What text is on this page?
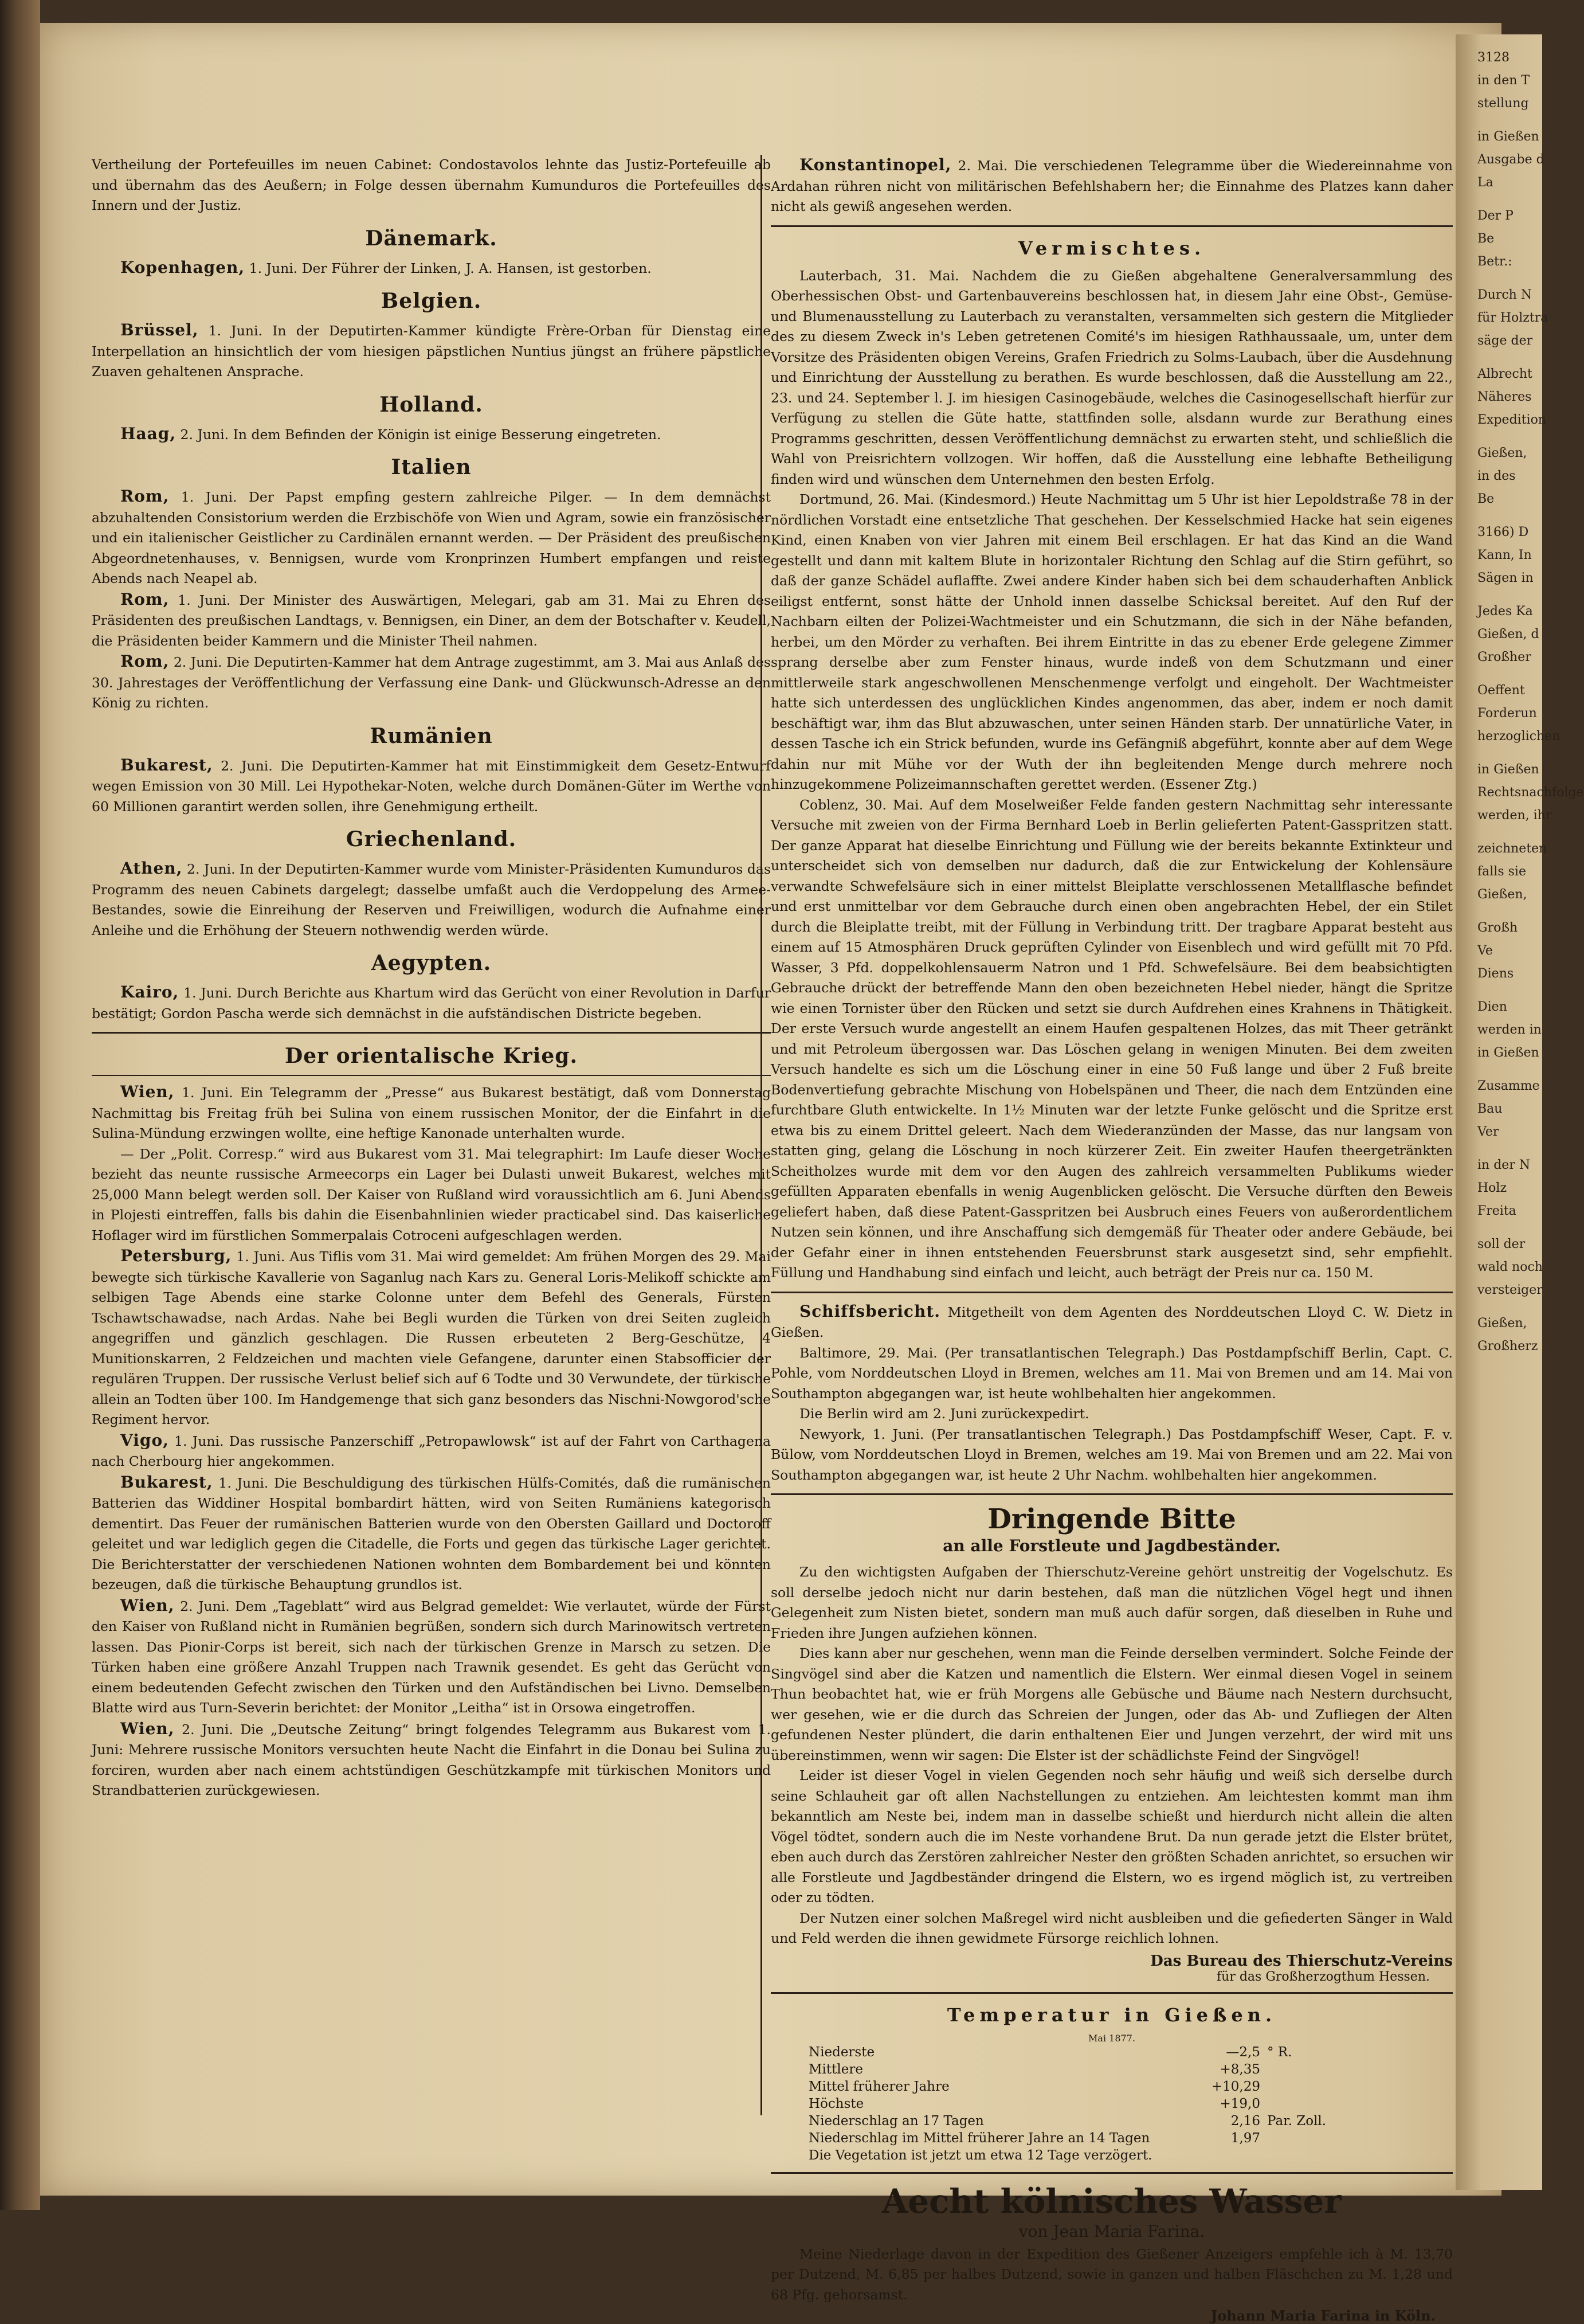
3128
in den T
stellung
in Gießen
Ausgabe d
La
Der P
Be
Betr.:
Durch N
für Holztra
säge der
Albrecht
Näheres
Expedition
Gießen,
in des
Be
3166) D
Kann, In
Sägen in
Jedes Ka
Gießen, d
Großher
Oeffent
Forderun
herzoglichen
in Gießen
Rechtsnachfolge
werden, ihr
zeichneten
falls sie
Gießen,
Großh
Ve
Diens
Dien
werden in
in Gießen
Zusamme
Bau
Ver
in der N
Holz
Freita
soll der
wald noch
versteiger
Gießen,
Großherz

Vertheilung der Portefeuilles im neuen Cabinet: Condostavolos lehnte das Justiz-Portefeuille ab und übernahm das des Aeußern; in Folge dessen übernahm Kumunduros die Portefeuilles des Innern und der Justiz.

Dänemark.

Kopenhagen, 1. Juni. Der Führer der Linken, J. A. Hansen, ist gestorben.

Belgien.

Brüssel, 1. Juni. In der Deputirten-Kammer kündigte Frère-Orban für Dienstag eine Interpellation an hinsichtlich der vom hiesigen päpstlichen Nuntius jüngst an frühere päpstliche Zuaven gehaltenen Ansprache.

Holland.

Haag, 2. Juni. In dem Befinden der Königin ist einige Besserung eingetreten.

Italien

Rom, 1. Juni. Der Papst empfing gestern zahlreiche Pilger. — In dem demnächst abzuhaltenden Consistorium werden die Erzbischöfe von Wien und Agram, sowie ein französischer und ein italienischer Geistlicher zu Cardinälen ernannt werden. — Der Präsident des preußischen Abgeordnetenhauses, v. Bennigsen, wurde vom Kronprinzen Humbert empfangen und reiste Abends nach Neapel ab.

Rom, 1. Juni. Der Minister des Auswärtigen, Melegari, gab am 31. Mai zu Ehren des Präsidenten des preußischen Landtags, v. Bennigsen, ein Diner, an dem der Botschafter v. Keudell, die Präsidenten beider Kammern und die Minister Theil nahmen.

Rom, 2. Juni. Die Deputirten-Kammer hat dem Antrage zugestimmt, am 3. Mai aus Anlaß des 30. Jahrestages der Veröffentlichung der Verfassung eine Dank- und Glückwunsch-Adresse an den König zu richten.

Rumänien

Bukarest, 2. Juni. Die Deputirten-Kammer hat mit Einstimmigkeit dem Gesetz-Entwurf wegen Emission von 30 Mill. Lei Hypothekar-Noten, welche durch Domänen-Güter im Werthe von 60 Millionen garantirt werden sollen, ihre Genehmigung ertheilt.

Griechenland.

Athen, 2. Juni. In der Deputirten-Kammer wurde vom Minister-Präsidenten Kumunduros das Programm des neuen Cabinets dargelegt; dasselbe umfaßt auch die Verdoppelung des Armee-Bestandes, sowie die Einreihung der Reserven und Freiwilligen, wodurch die Aufnahme einer Anleihe und die Erhöhung der Steuern nothwendig werden würde.

Aegypten.

Kairo, 1. Juni. Durch Berichte aus Khartum wird das Gerücht von einer Revolution in Darfur bestätigt; Gordon Pascha werde sich demnächst in die aufständischen Districte begeben.

Der orientalische Krieg.

Wien, 1. Juni. Ein Telegramm der „Presse“ aus Bukarest bestätigt, daß vom Donnerstag Nachmittag bis Freitag früh bei Sulina von einem russischen Monitor, der die Einfahrt in die Sulina-Mündung erzwingen wollte, eine heftige Kanonade unterhalten wurde.

— Der „Polit. Corresp.“ wird aus Bukarest vom 31. Mai telegraphirt: Im Laufe dieser Woche bezieht das neunte russische Armeecorps ein Lager bei Dulasti unweit Bukarest, welches mit 25,000 Mann belegt werden soll. Der Kaiser von Rußland wird voraussichtlich am 6. Juni Abends in Plojesti eintreffen, falls bis dahin die Eisenbahnlinien wieder practicabel sind. Das kaiserliche Hoflager wird im fürstlichen Sommerpalais Cotroceni aufgeschlagen werden.

Petersburg, 1. Juni. Aus Tiflis vom 31. Mai wird gemeldet: Am frühen Morgen des 29. Mai bewegte sich türkische Kavallerie von Saganlug nach Kars zu. General Loris-Melikoff schickte am selbigen Tage Abends eine starke Colonne unter dem Befehl des Generals, Fürsten Tschawtschawadse, nach Ardas. Nahe bei Begli wurden die Türken von drei Seiten zugleich angegriffen und gänzlich geschlagen. Die Russen erbeuteten 2 Berg-Geschütze, 4 Munitionskarren, 2 Feldzeichen und machten viele Gefangene, darunter einen Stabsofficier der regulären Truppen. Der russische Verlust belief sich auf 6 Todte und 30 Verwundete, der türkische allein an Todten über 100. Im Handgemenge that sich ganz besonders das Nischni-Nowgorod'sche Regiment hervor.

Vigo, 1. Juni. Das russische Panzerschiff „Petropawlowsk“ ist auf der Fahrt von Carthagena nach Cherbourg hier angekommen.

Bukarest, 1. Juni. Die Beschuldigung des türkischen Hülfs-Comités, daß die rumänischen Batterien das Widdiner Hospital bombardirt hätten, wird von Seiten Rumäniens kategorisch dementirt. Das Feuer der rumänischen Batterien wurde von den Obersten Gaillard und Doctoroff geleitet und war lediglich gegen die Citadelle, die Forts und gegen das türkische Lager gerichtet. Die Berichterstatter der verschiedenen Nationen wohnten dem Bombardement bei und könnten bezeugen, daß die türkische Behauptung grundlos ist.

Wien, 2. Juni. Dem „Tageblatt“ wird aus Belgrad gemeldet: Wie verlautet, würde der Fürst den Kaiser von Rußland nicht in Rumänien begrüßen, sondern sich durch Marinowitsch vertreten lassen. Das Pionir-Corps ist bereit, sich nach der türkischen Grenze in Marsch zu setzen. Die Türken haben eine größere Anzahl Truppen nach Trawnik gesendet. Es geht das Gerücht von einem bedeutenden Gefecht zwischen den Türken und den Aufständischen bei Livno. Demselben Blatte wird aus Turn-Severin berichtet: der Monitor „Leitha“ ist in Orsowa eingetroffen.

Wien, 2. Juni. Die „Deutsche Zeitung“ bringt folgendes Telegramm aus Bukarest vom 1. Juni: Mehrere russische Monitors versuchten heute Nacht die Einfahrt in die Donau bei Sulina zu forciren, wurden aber nach einem achtstündigen Geschützkampfe mit türkischen Monitors und Strandbatterien zurückgewiesen.

Konstantinopel, 2. Mai. Die verschiedenen Telegramme über die Wiedereinnahme von Ardahan rühren nicht von militärischen Befehlshabern her; die Einnahme des Platzes kann daher nicht als gewiß angesehen werden.

Vermischtes.

Lauterbach, 31. Mai. Nachdem die zu Gießen abgehaltene Generalversammlung des Oberhessischen Obst- und Gartenbauvereins beschlossen hat, in diesem Jahr eine Obst-, Gemüse- und Blumenausstellung zu Lauterbach zu veranstalten, versammelten sich gestern die Mitglieder des zu diesem Zweck in's Leben getretenen Comité's im hiesigen Rathhaussaale, um, unter dem Vorsitze des Präsidenten obigen Vereins, Grafen Friedrich zu Solms-Laubach, über die Ausdehnung und Einrichtung der Ausstellung zu berathen. Es wurde beschlossen, daß die Ausstellung am 22., 23. und 24. September l. J. im hiesigen Casinogebäude, welches die Casinogesellschaft hierfür zur Verfügung zu stellen die Güte hatte, stattfinden solle, alsdann wurde zur Berathung eines Programms geschritten, dessen Veröffentlichung demnächst zu erwarten steht, und schließlich die Wahl von Preisrichtern vollzogen. Wir hoffen, daß die Ausstellung eine lebhafte Betheiligung finden wird und wünschen dem Unternehmen den besten Erfolg.

Dortmund, 26. Mai. (Kindesmord.) Heute Nachmittag um 5 Uhr ist hier Lepoldstraße 78 in der nördlichen Vorstadt eine entsetzliche That geschehen. Der Kesselschmied Hacke hat sein eigenes Kind, einen Knaben von vier Jahren mit einem Beil erschlagen. Er hat das Kind an die Wand gestellt und dann mit kaltem Blute in horizontaler Richtung den Schlag auf die Stirn geführt, so daß der ganze Schädel auflaffte. Zwei andere Kinder haben sich bei dem schauderhaften Anblick eiligst entfernt, sonst hätte der Unhold innen dasselbe Schicksal bereitet. Auf den Ruf der Nachbarn eilten der Polizei-Wachtmeister und ein Schutzmann, die sich in der Nähe befanden, herbei, um den Mörder zu verhaften. Bei ihrem Eintritte in das zu ebener Erde gelegene Zimmer sprang derselbe aber zum Fenster hinaus, wurde indeß von dem Schutzmann und einer mittlerweile stark angeschwollenen Menschenmenge verfolgt und eingeholt. Der Wachtmeister hatte sich unterdessen des unglücklichen Kindes angenommen, das aber, indem er noch damit beschäftigt war, ihm das Blut abzuwaschen, unter seinen Händen starb. Der unnatürliche Vater, in dessen Tasche ich ein Strick befunden, wurde ins Gefängniß abgeführt, konnte aber auf dem Wege dahin nur mit Mühe vor der Wuth der ihn begleitenden Menge durch mehrere noch hinzugekommene Polizeimannschaften gerettet werden. (Essener Ztg.)

Coblenz, 30. Mai. Auf dem Moselweißer Felde fanden gestern Nachmittag sehr interessante Versuche mit zweien von der Firma Bernhard Loeb in Berlin gelieferten Patent-Gasspritzen statt. Der ganze Apparat hat dieselbe Einrichtung und Füllung wie der bereits bekannte Extinkteur und unterscheidet sich von demselben nur dadurch, daß die zur Entwickelung der Kohlensäure verwandte Schwefelsäure sich in einer mittelst Bleiplatte verschlossenen Metallflasche befindet und erst unmittelbar vor dem Gebrauche durch einen oben angebrachten Hebel, der ein Stilet durch die Bleiplatte treibt, mit der Füllung in Verbindung tritt. Der tragbare Apparat besteht aus einem auf 15 Atmosphären Druck geprüften Cylinder von Eisenblech und wird gefüllt mit 70 Pfd. Wasser, 3 Pfd. doppelkohlensauerm Natron und 1 Pfd. Schwefelsäure. Bei dem beabsichtigten Gebrauche drückt der betreffende Mann den oben bezeichneten Hebel nieder, hängt die Spritze wie einen Tornister über den Rücken und setzt sie durch Aufdrehen eines Krahnens in Thätigkeit. Der erste Versuch wurde angestellt an einem Haufen gespaltenen Holzes, das mit Theer getränkt und mit Petroleum übergossen war. Das Löschen gelang in wenigen Minuten. Bei dem zweiten Versuch handelte es sich um die Löschung einer in eine 50 Fuß lange und über 2 Fuß breite Bodenvertiefung gebrachte Mischung von Hobelspänen und Theer, die nach dem Entzünden eine furchtbare Gluth entwickelte. In 1½ Minuten war der letzte Funke gelöscht und die Spritze erst etwa bis zu einem Drittel geleert. Nach dem Wiederanzünden der Masse, das nur langsam von statten ging, gelang die Löschung in noch kürzerer Zeit. Ein zweiter Haufen theergetränkten Scheitholzes wurde mit dem vor den Augen des zahlreich versammelten Publikums wieder gefüllten Apparaten ebenfalls in wenig Augenblicken gelöscht. Die Versuche dürften den Beweis geliefert haben, daß diese Patent-Gasspritzen bei Ausbruch eines Feuers von außerordentlichem Nutzen sein können, und ihre Anschaffung sich demgemäß für Theater oder andere Gebäude, bei der Gefahr einer in ihnen entstehenden Feuersbrunst stark ausgesetzt sind, sehr empfiehlt. Füllung und Handhabung sind einfach und leicht, auch beträgt der Preis nur ca. 150 M.

Schiffsbericht. Mitgetheilt von dem Agenten des Norddeutschen Lloyd C. W. Dietz in Gießen.

Baltimore, 29. Mai. (Per transatlantischen Telegraph.) Das Postdampfschiff Berlin, Capt. C. Pohle, vom Norddeutschen Lloyd in Bremen, welches am 11. Mai von Bremen und am 14. Mai von Southampton abgegangen war, ist heute wohlbehalten hier angekommen.

Die Berlin wird am 2. Juni zurückexpedirt.

Newyork, 1. Juni. (Per transatlantischen Telegraph.) Das Postdampfschiff Weser, Capt. F. v. Bülow, vom Norddeutschen Lloyd in Bremen, welches am 19. Mai von Bremen und am 22. Mai von Southampton abgegangen war, ist heute 2 Uhr Nachm. wohlbehalten hier angekommen.

Dringende Bitte
an alle Forstleute und Jagdbeständer.

Zu den wichtigsten Aufgaben der Thierschutz-Vereine gehört unstreitig der Vogelschutz. Es soll derselbe jedoch nicht nur darin bestehen, daß man die nützlichen Vögel hegt und ihnen Gelegenheit zum Nisten bietet, sondern man muß auch dafür sorgen, daß dieselben in Ruhe und Frieden ihre Jungen aufziehen können.

Dies kann aber nur geschehen, wenn man die Feinde derselben vermindert. Solche Feinde der Singvögel sind aber die Katzen und namentlich die Elstern. Wer einmal diesen Vogel in seinem Thun beobachtet hat, wie er früh Morgens alle Gebüsche und Bäume nach Nestern durchsucht, wer gesehen, wie er die durch das Schreien der Jungen, oder das Ab- und Zufliegen der Alten gefundenen Nester plündert, die darin enthaltenen Eier und Jungen verzehrt, der wird mit uns übereinstimmen, wenn wir sagen: Die Elster ist der schädlichste Feind der Singvögel!

Leider ist dieser Vogel in vielen Gegenden noch sehr häufig und weiß sich derselbe durch seine Schlauheit gar oft allen Nachstellungen zu entziehen. Am leichtesten kommt man ihm bekanntlich am Neste bei, indem man in dasselbe schießt und hierdurch nicht allein die alten Vögel tödtet, sondern auch die im Neste vorhandene Brut. Da nun gerade jetzt die Elster brütet, eben auch durch das Zerstören zahlreicher Nester den größten Schaden anrichtet, so ersuchen wir alle Forstleute und Jagdbeständer dringend die Elstern, wo es irgend möglich ist, zu vertreiben oder zu tödten.

Der Nutzen einer solchen Maßregel wird nicht ausbleiben und die gefiederten Sänger in Wald und Feld werden die ihnen gewidmete Fürsorge reichlich lohnen.

Das Bureau des Thierschutz-Vereins
für das Großherzogthum Hessen.
Temperatur in Gießen.
Mai 1877.
Niederste	—2,5	° R.
Mittlere	+8,35	
Mittel früherer Jahre	+10,29	
Höchste	+19,0	
Niederschlag an 17 Tagen	2,16	Par. Zoll.
Niederschlag im Mittel früherer Jahre an 14 Tagen	1,97	
Die Vegetation ist jetzt um etwa 12 Tage verzögert.		
Aecht kölnisches Wasser
von Jean Maria Farina.

Meine Niederlage davon in der Expedition des Gießener Anzeigers empfehle ich à M. 13,70 per Dutzend, M. 6,85 per halbes Dutzend, sowie in ganzen und halben Fläschchen zu M. 1,28 und 68 Pfg. gehorsamst.

Johann Maria Farina in Köln.
